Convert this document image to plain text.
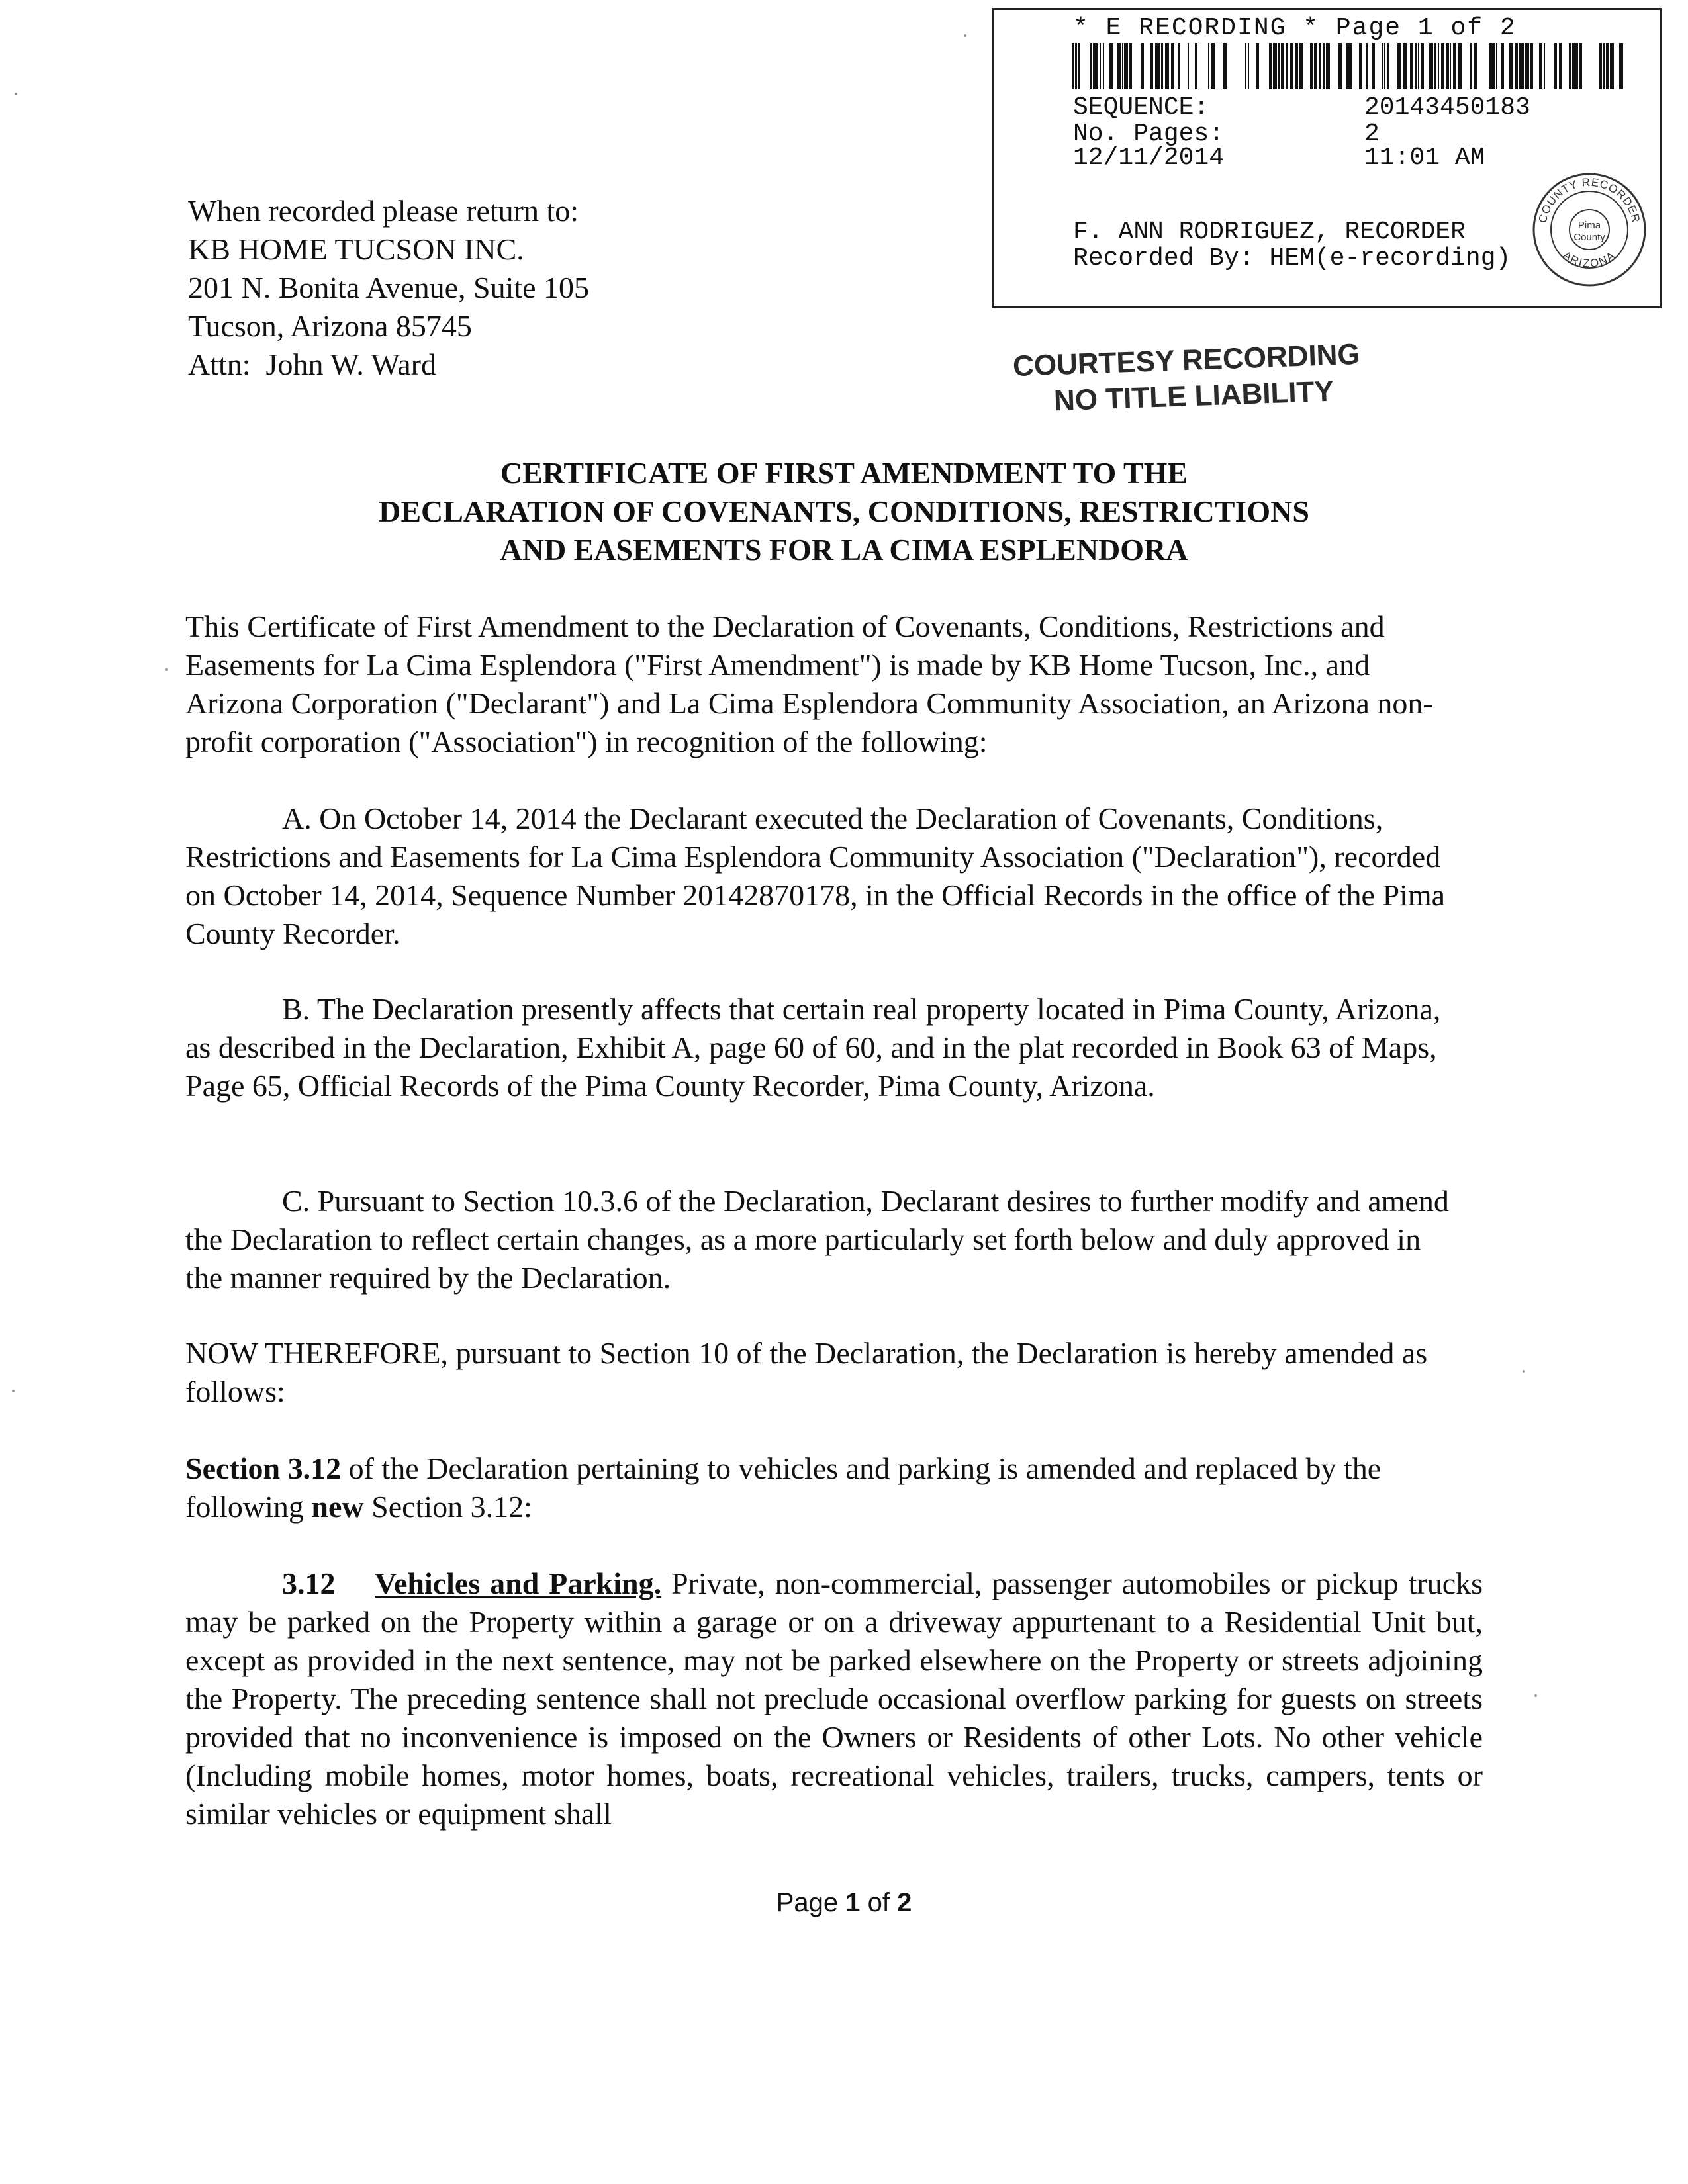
* E RECORDING * Page 1 of 2
SEQUENCE:	20143450183
No. Pages:	2
12/11/2014	11:01 AM
F. ANN RODRIGUEZ, RECORDER
Recorded By: HEM(e-recording)
COUNTY RECORDER
ARIZONA
Pima
County
COURTESY RECORDING
NO TITLE LIABILITY
When recorded please return to:
KB HOME TUCSON INC.
201 N. Bonita Avenue, Suite 105
Tucson, Arizona 85745
Attn:  John W. Ward
CERTIFICATE OF FIRST AMENDMENT TO THE
DECLARATION OF COVENANTS, CONDITIONS, RESTRICTIONS
AND EASEMENTS FOR LA CIMA ESPLENDORA
This Certificate of First Amendment to the Declaration of Covenants, Conditions, Restrictions and Easements for La Cima Esplendora ("First Amendment") is made by KB Home Tucson, Inc., and Arizona Corporation ("Declarant") and La Cima Esplendora Community Association, an Arizona non-profit corporation ("Association") in recognition of the following:
A. On October 14, 2014 the Declarant executed the Declaration of Covenants, Conditions, Restrictions and Easements for La Cima Esplendora Community Association ("Declaration"), recorded on October 14, 2014, Sequence Number 20142870178, in the Official Records in the office of the Pima County Recorder.
B. The Declaration presently affects that certain real property located in Pima County, Arizona, as described in the Declaration, Exhibit A, page 60 of 60, and in the plat recorded in Book 63 of Maps, Page 65, Official Records of the Pima County Recorder, Pima County, Arizona.
C. Pursuant to Section 10.3.6 of the Declaration, Declarant desires to further modify and amend the Declaration to reflect certain changes, as a more particularly set forth below and duly approved in the manner required by the Declaration.
NOW THEREFORE, pursuant to Section 10 of the Declaration, the Declaration is hereby amended as follows:
Section 3.12 of the Declaration pertaining to vehicles and parking is amended and replaced by the following new Section 3.12:
3.12 Vehicles and Parking. Private, non-commercial, passenger automobiles or pickup trucks may be parked on the Property within a garage or on a driveway appurtenant to a Residential Unit but, except as provided in the next sentence, may not be parked elsewhere on the Property or streets adjoining the Property. The preceding sentence shall not preclude occasional overflow parking for guests on streets provided that no inconvenience is imposed on the Owners or Residents of other Lots. No other vehicle (Including mobile homes, motor homes, boats, recreational vehicles, trailers, trucks, campers, tents or similar vehicles or equipment shall
Page 1 of 2
